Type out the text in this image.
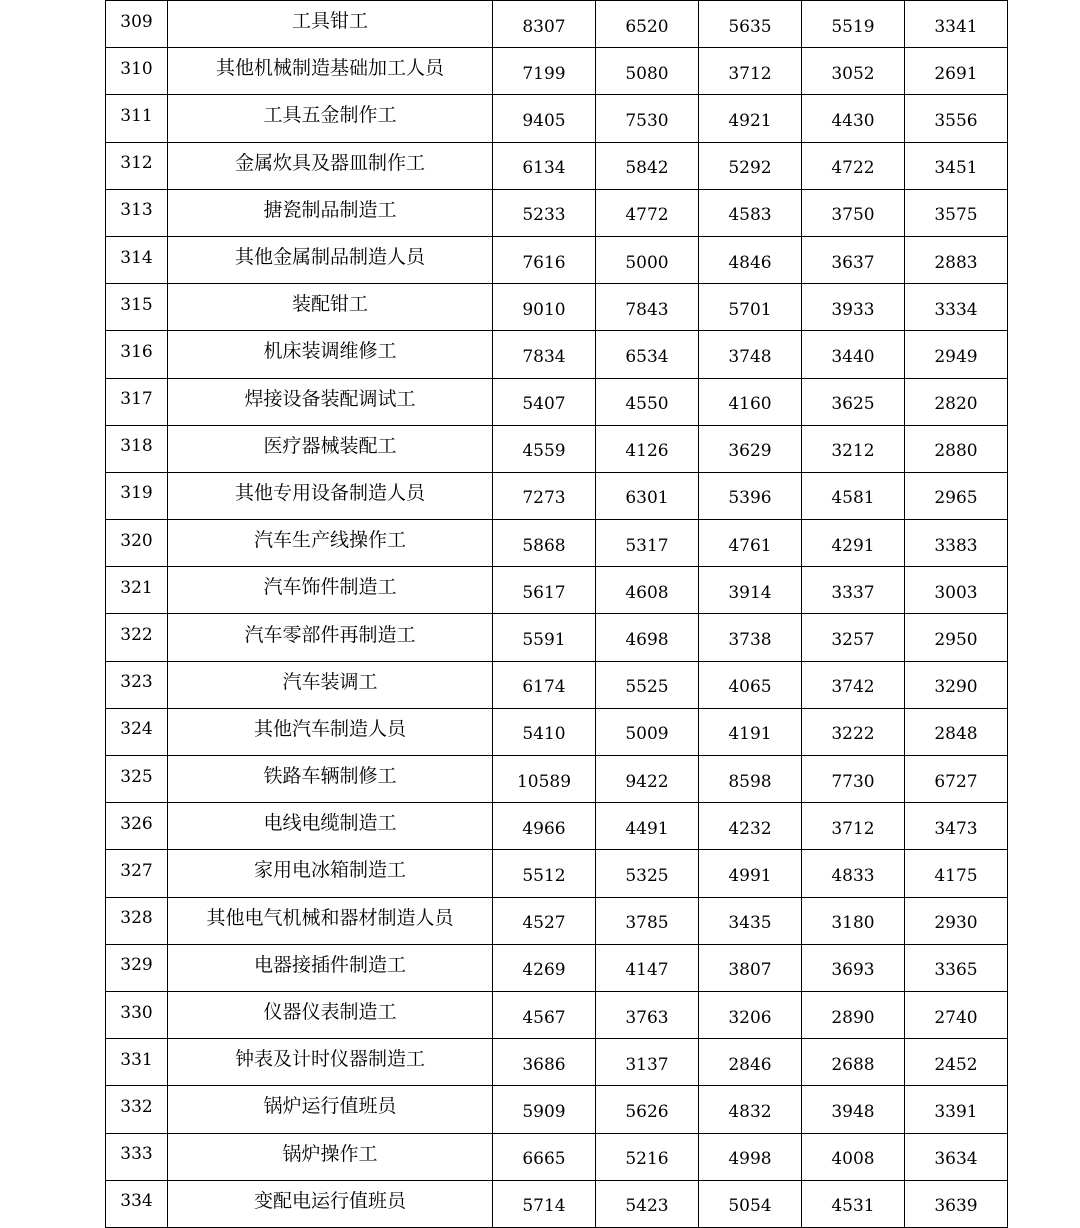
309	工具钳工	8307	6520	5635	5519	3341
310	其他机械制造基础加工人员	7199	5080	3712	3052	2691
311	工具五金制作工	9405	7530	4921	4430	3556
312	金属炊具及器皿制作工	6134	5842	5292	4722	3451
313	搪瓷制品制造工	5233	4772	4583	3750	3575
314	其他金属制品制造人员	7616	5000	4846	3637	2883
315	装配钳工	9010	7843	5701	3933	3334
316	机床装调维修工	7834	6534	3748	3440	2949
317	焊接设备装配调试工	5407	4550	4160	3625	2820
318	医疗器械装配工	4559	4126	3629	3212	2880
319	其他专用设备制造人员	7273	6301	5396	4581	2965
320	汽车生产线操作工	5868	5317	4761	4291	3383
321	汽车饰件制造工	5617	4608	3914	3337	3003
322	汽车零部件再制造工	5591	4698	3738	3257	2950
323	汽车装调工	6174	5525	4065	3742	3290
324	其他汽车制造人员	5410	5009	4191	3222	2848
325	铁路车辆制修工	10589	9422	8598	7730	6727
326	电线电缆制造工	4966	4491	4232	3712	3473
327	家用电冰箱制造工	5512	5325	4991	4833	4175
328	其他电气机械和器材制造人员	4527	3785	3435	3180	2930
329	电器接插件制造工	4269	4147	3807	3693	3365
330	仪器仪表制造工	4567	3763	3206	2890	2740
331	钟表及计时仪器制造工	3686	3137	2846	2688	2452
332	锅炉运行值班员	5909	5626	4832	3948	3391
333	锅炉操作工	6665	5216	4998	4008	3634
334	变配电运行值班员	5714	5423	5054	4531	3639
